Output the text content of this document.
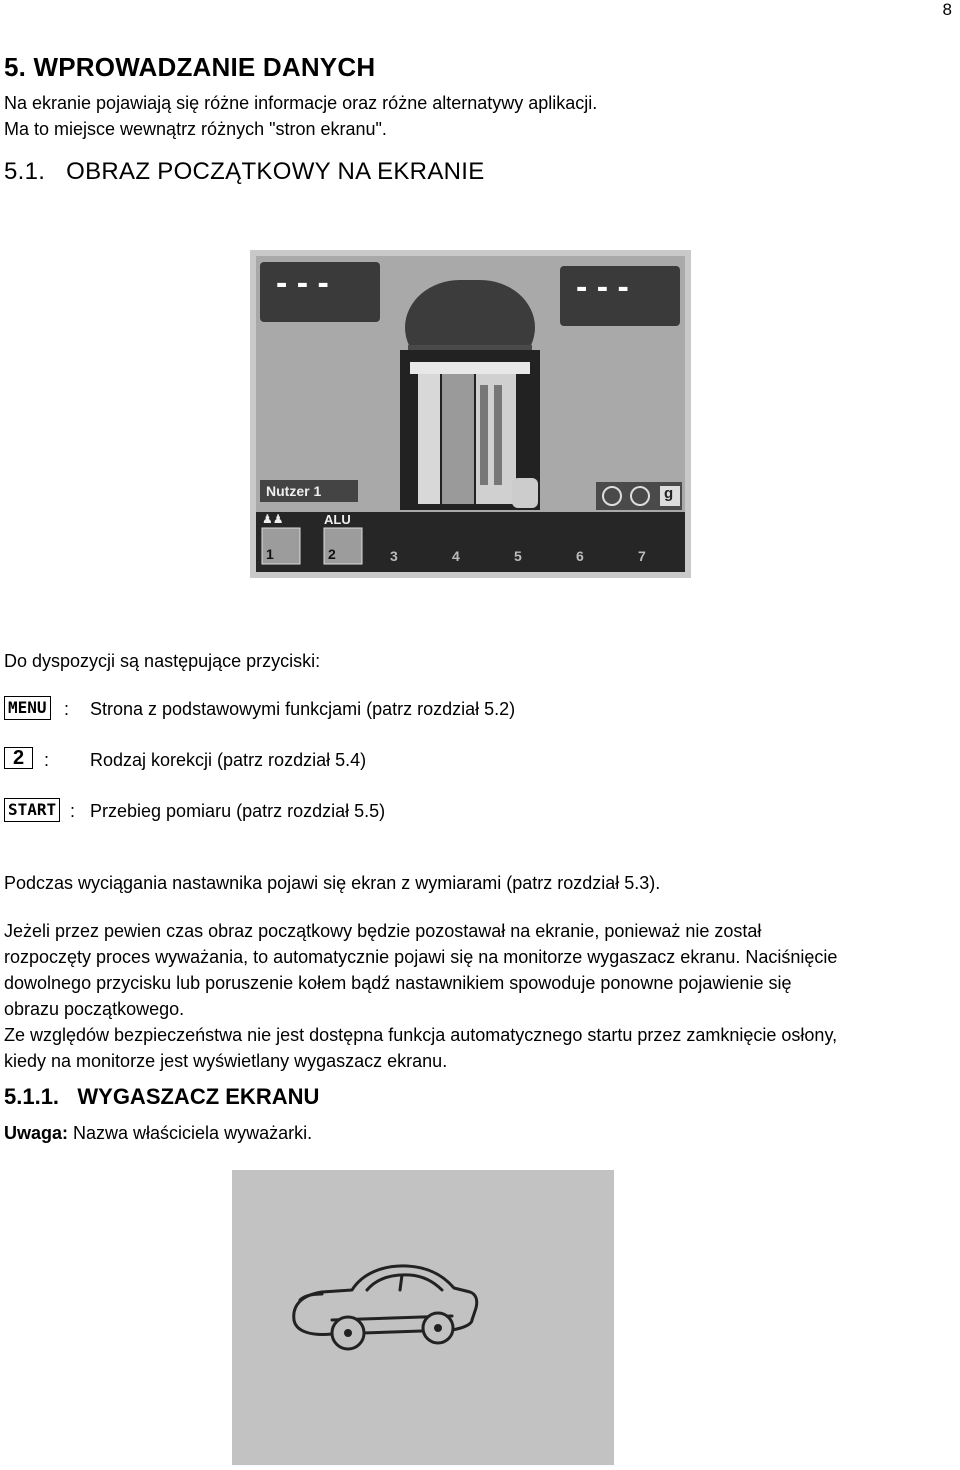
8
5. WPROWADZANIE DANYCH
Na ekranie pojawiają się różne informacje oraz różne alternatywy aplikacji.
Ma to miejsce wewnątrz różnych "stron ekranu".
5.1.   OBRAZ POCZĄTKOWY NA EKRANIE
- - -	- - -
Nutzer 1
ALU
g
♟♟
1	2	3	4	5	6	7
Do dyspozycji są następujące przyciski:
MENU : Strona z podstawowymi funkcjami (patrz rozdział 5.2)
2 : Rodzaj korekcji (patrz rozdział 5.4)
START : Przebieg pomiaru (patrz rozdział 5.5)
Podczas wyciągania nastawnika pojawi się ekran z wymiarami (patrz rozdział 5.3).
Jeżeli przez pewien czas obraz początkowy będzie pozostawał na ekranie, ponieważ nie został
rozpoczęty proces wyważania, to automatycznie pojawi się na monitorze wygaszacz ekranu. Naciśnięcie
dowolnego przycisku lub poruszenie kołem bądź nastawnikiem spowoduje ponowne pojawienie się
obrazu początkowego.
Ze względów bezpieczeństwa nie jest dostępna funkcja automatycznego startu przez zamknięcie osłony,
kiedy na monitorze jest wyświetlany wygaszacz ekranu.
5.1.1.   WYGASZACZ EKRANU
Uwaga: Nazwa właściciela wyważarki.
